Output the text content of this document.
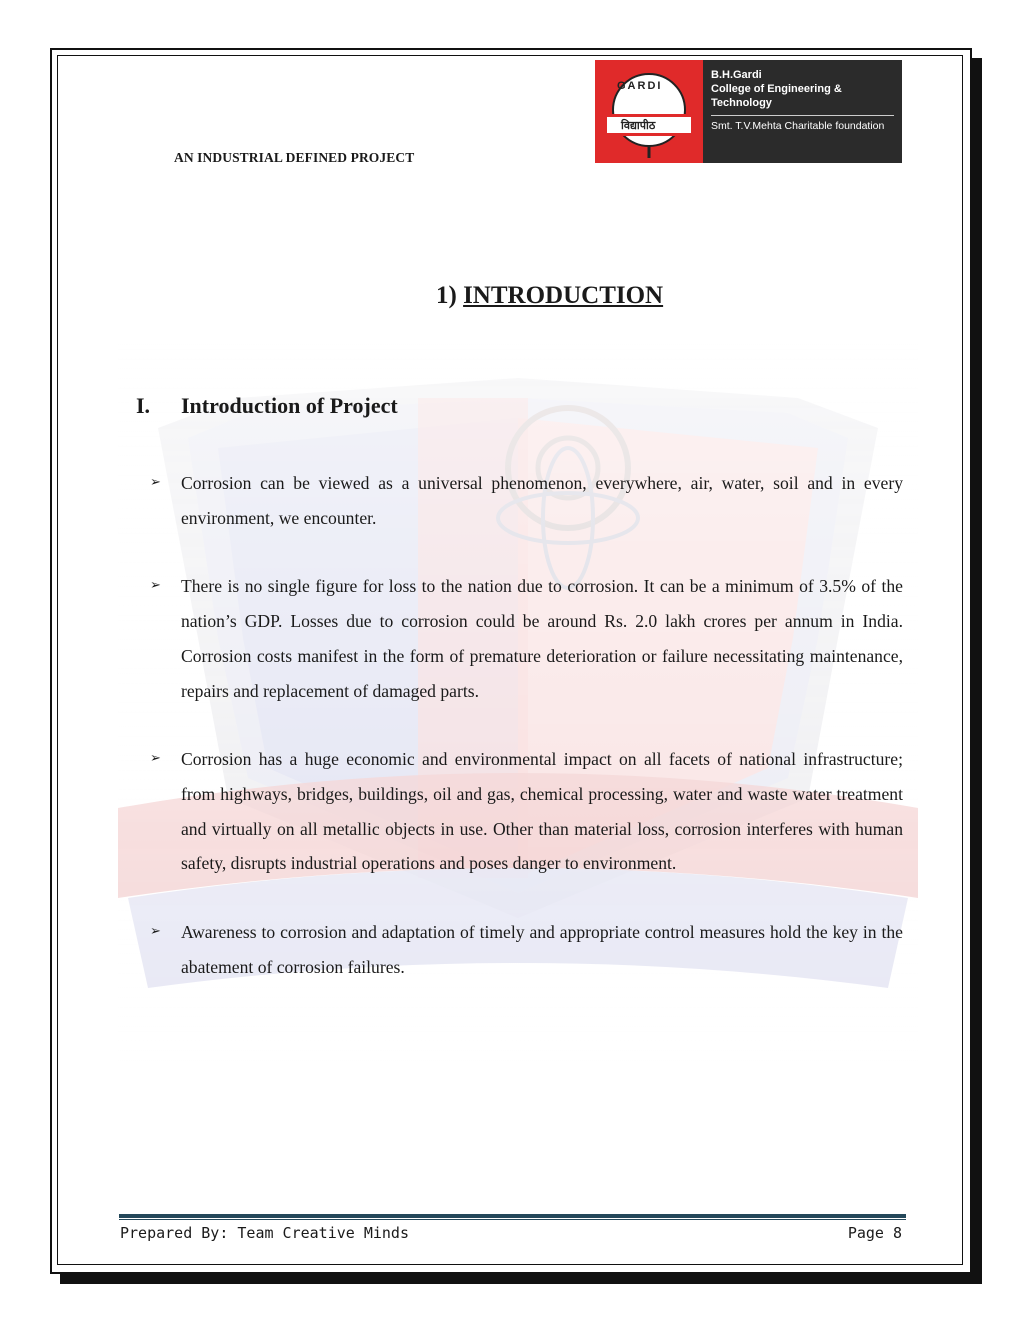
AN INDUSTRIAL DEFINED PROJECT
GARDI
विद्यापीठ
B.H.Gardi
College of Engineering & Technology
Smt. T.V.Mehta Charitable foundation
1) INTRODUCTION
I.	Introduction of Project
➢	Corrosion can be viewed as a universal phenomenon, everywhere, air, water, soil and in every environment, we encounter.
➢	There is no single figure for loss to the nation due to corrosion. It can be a minimum of 3.5% of the nation’s GDP. Losses due to corrosion could be around Rs. 2.0 lakh crores per annum in India. Corrosion costs manifest in the form of premature deterioration or failure necessitating maintenance, repairs and replacement of damaged parts.
➢	Corrosion has a huge economic and environmental impact on all facets of national infrastructure; from highways, bridges, buildings, oil and gas, chemical processing, water and waste water treatment and virtually on all metallic objects in use. Other than material loss, corrosion interferes with human safety, disrupts industrial operations and poses danger to environment.
➢	Awareness to corrosion and adaptation of timely and appropriate control measures hold the key in the abatement of corrosion failures.
Prepared By: Team Creative Minds	Page 8
